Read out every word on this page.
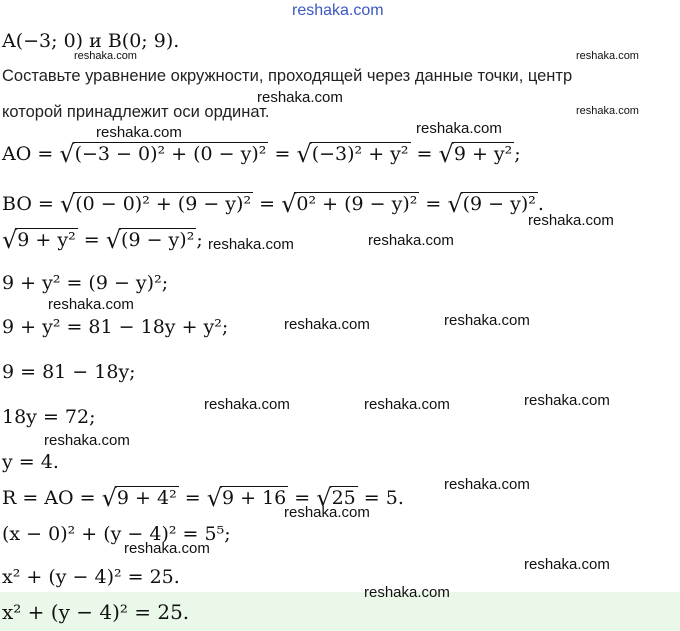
reshaka.com
A(−3; 0) и B(0; 9).
Составьте уравнение окружности, проходящей через данные точки, центр
которой принадлежит оси ординат.
AO = √(−3 − 0)² + (0 − y)² = √(−3)² + y² = √9 + y² ;
BO = √(0 − 0)² + (9 − y)² = √0² + (9 − y)² = √(9 − y)² .
√9 + y² = √(9 − y)² ;
9 + y² = (9 − y)²;
9 + y² = 81 − 18y + y²;
9 = 81 − 18y;
18y = 72;
y = 4.
R = AO = √9 + 4² = √9 + 16 = √25 = 5.
(x − 0)² + (y − 4)² = 5⁵;
x² + (y − 4)² = 25.
x² + (y − 4)² = 25.
reshaka.com	reshaka.com
reshaka.com
reshaka.com
reshaka.com	reshaka.com
reshaka.com
reshaka.com	reshaka.com
reshaka.com
reshaka.com	reshaka.com
reshaka.com	reshaka.com	reshaka.com
reshaka.com
reshaka.com
reshaka.com
reshaka.com
reshaka.com
reshaka.com
